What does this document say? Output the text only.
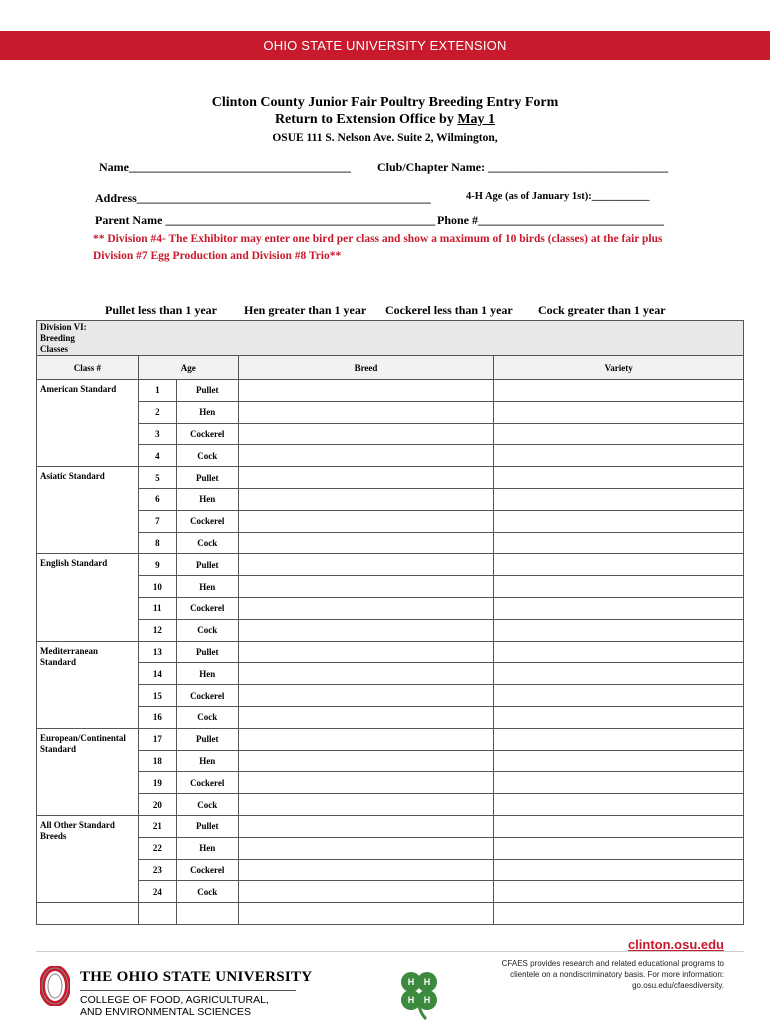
OHIO STATE UNIVERSITY EXTENSION
Clinton County Junior Fair Poultry Breeding Entry Form
Return to Extension Office by May 1
OSUE 111 S. Nelson Ave. Suite 2, Wilmington,
Name_____________________________________ Club/Chapter Name: ______________________________
Address_________________________________________________	4-H Age (as of January 1st):___________
Parent Name _____________________________________________ Phone #_______________________________
** Division #4- The Exhibitor may enter one bird per class and show a maximum of 10 birds (classes) at the fair plus Division #7 Egg Production and Division #8 Trio**
Pullet less than 1 year Hen greater than 1 year Cockerel less than 1 year Cock greater than 1 year
Division VI: Breeding Classes				
Class #	Age		Breed	Variety
American Standard	1	Pullet		
	2	Hen		
	3	Cockerel		
	4	Cock		
Asiatic Standard	5	Pullet		
	6	Hen		
	7	Cockerel		
	8	Cock		
English Standard	9	Pullet		
	10	Hen		
	11	Cockerel		
	12	Cock		
Mediterranean Standard	13	Pullet		
	14	Hen		
	15	Cockerel		
	16	Cock		
European/Continental Standard	17	Pullet		
	18	Hen		
	19	Cockerel		
	20	Cock		
All Other Standard Breeds	21	Pullet		
	22	Hen		
	23	Cockerel		
	24	Cock		

clinton.osu.edu
CFAES provides research and related educational programs to clientele on a nondiscriminatory basis. For more information: go.osu.edu/cfaesdiversity.
THE OHIO STATE UNIVERSITY
COLLEGE OF FOOD, AGRICULTURAL,
AND ENVIRONMENTAL SCIENCES
H H
H H
